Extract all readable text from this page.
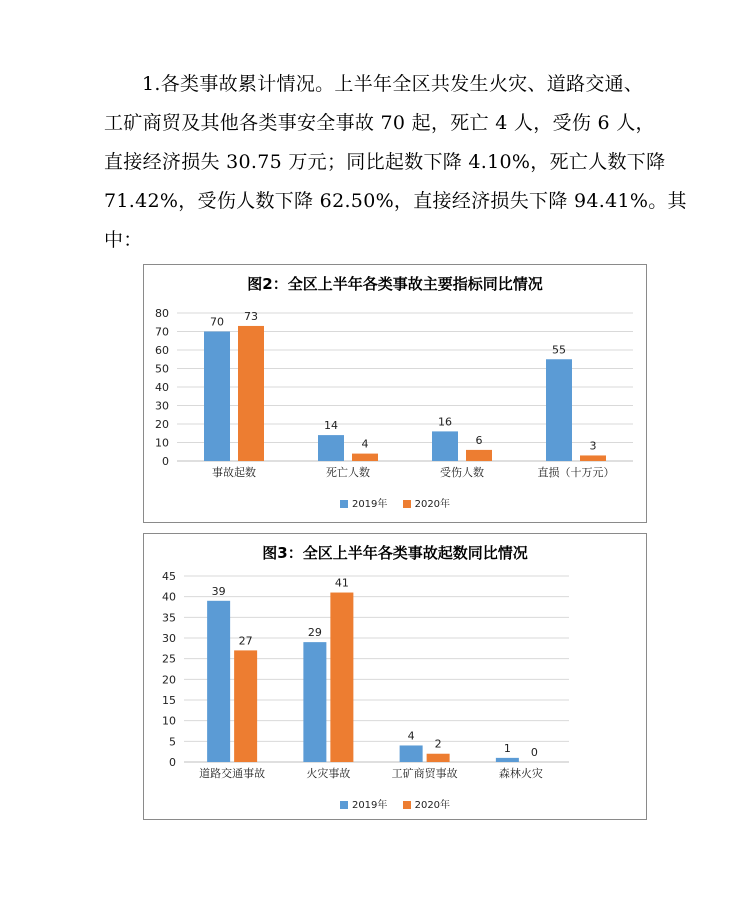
1.各类事故累计情况。上半年全区共发生火灾、道路交通、
工矿商贸及其他各类事安全事故 70 起，死亡 4 人，受伤 6 人，
直接经济损失 30.75 万元；同比起数下降 4.10%，死亡人数下降
71.42%，受伤人数下降 62.50%，直接经济损失下降 94.41%。其
中：
图2：全区上半年各类事故主要指标同比情况
0
10
20
30
40
50
60
70
80
70 73
事故起数
14
4
死亡人数
16
6
受伤人数
55
3
直损（十万元）
2019年	2020年
图3：全区上半年各类事故起数同比情况
0
5
10
15
20
25
30
35
40
45
39
27
道路交通事故
29
41
火灾事故
4
2
工矿商贸事故
1 0
森林火灾
2019年	2020年
